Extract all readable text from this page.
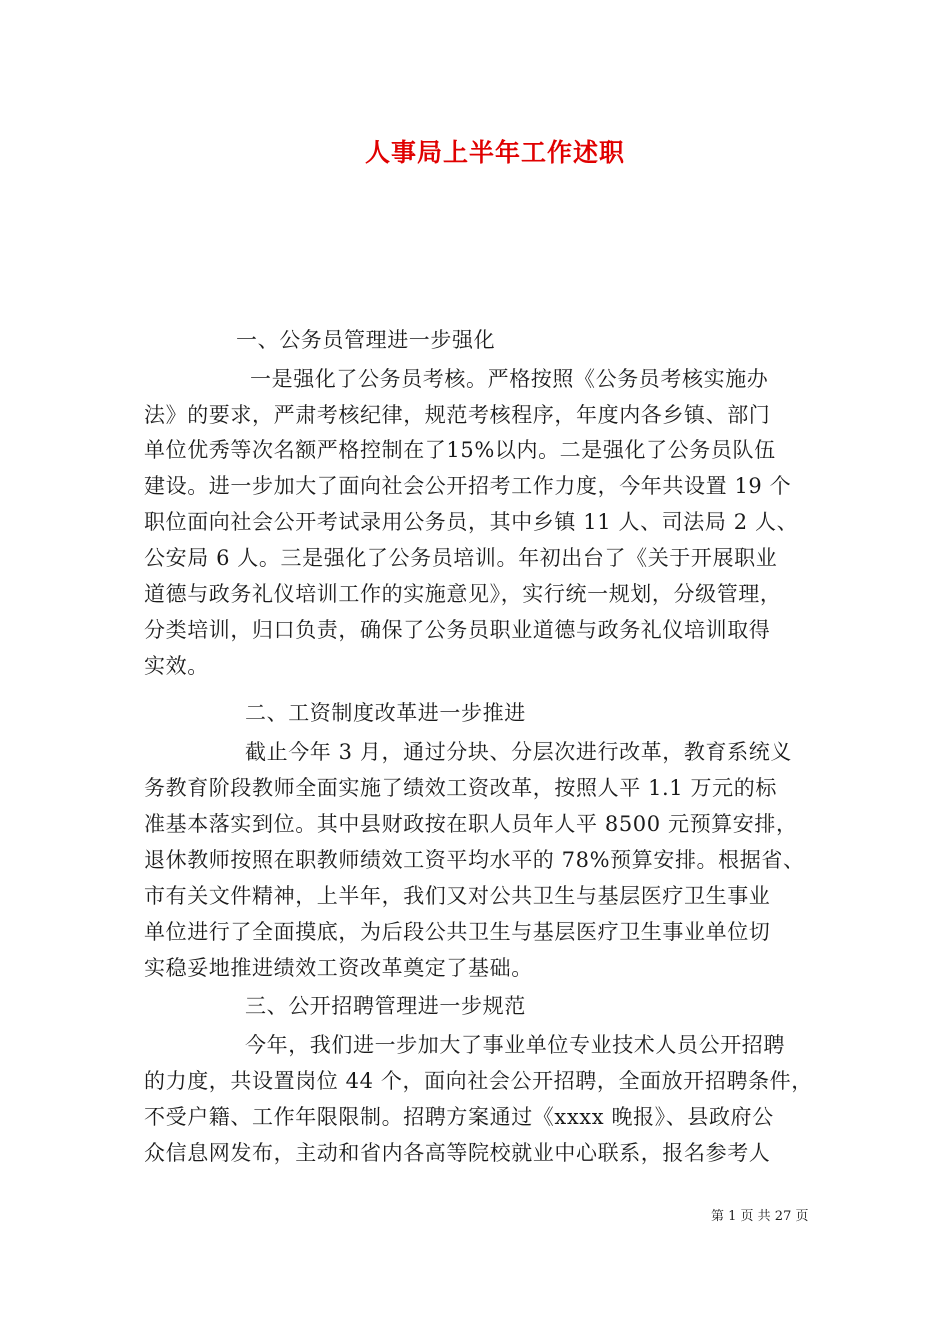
人事局上半年工作述职
一、公务员管理进一步强化
一是强化了公务员考核。严格按照《公务员考核实施办
法》的要求，严肃考核纪律，规范考核程序，年度内各乡镇、部门
单位优秀等次名额严格控制在了15%以内。二是强化了公务员队伍
建设。进一步加大了面向社会公开招考工作力度，今年共设置 19 个
职位面向社会公开考试录用公务员，其中乡镇 11 人、司法局 2 人、
公安局 6 人。三是强化了公务员培训。年初出台了《关于开展职业
道德与政务礼仪培训工作的实施意见》，实行统一规划，分级管理，
分类培训，归口负责，确保了公务员职业道德与政务礼仪培训取得
实效。
二、工资制度改革进一步推进
截止今年 3 月，通过分块、分层次进行改革，教育系统义
务教育阶段教师全面实施了绩效工资改革，按照人平 1.1 万元的标
准基本落实到位。其中县财政按在职人员年人平 8500 元预算安排，
退休教师按照在职教师绩效工资平均水平的 78%预算安排。根据省、
市有关文件精神，上半年，我们又对公共卫生与基层医疗卫生事业
单位进行了全面摸底，为后段公共卫生与基层医疗卫生事业单位切
实稳妥地推进绩效工资改革奠定了基础。
三、公开招聘管理进一步规范
今年，我们进一步加大了事业单位专业技术人员公开招聘
的力度，共设置岗位 44 个，面向社会公开招聘，全面放开招聘条件，
不受户籍、工作年限限制。招聘方案通过《xxxx 晚报》、县政府公
众信息网发布，主动和省内各高等院校就业中心联系，报名参考人
第 1 页 共 27 页
